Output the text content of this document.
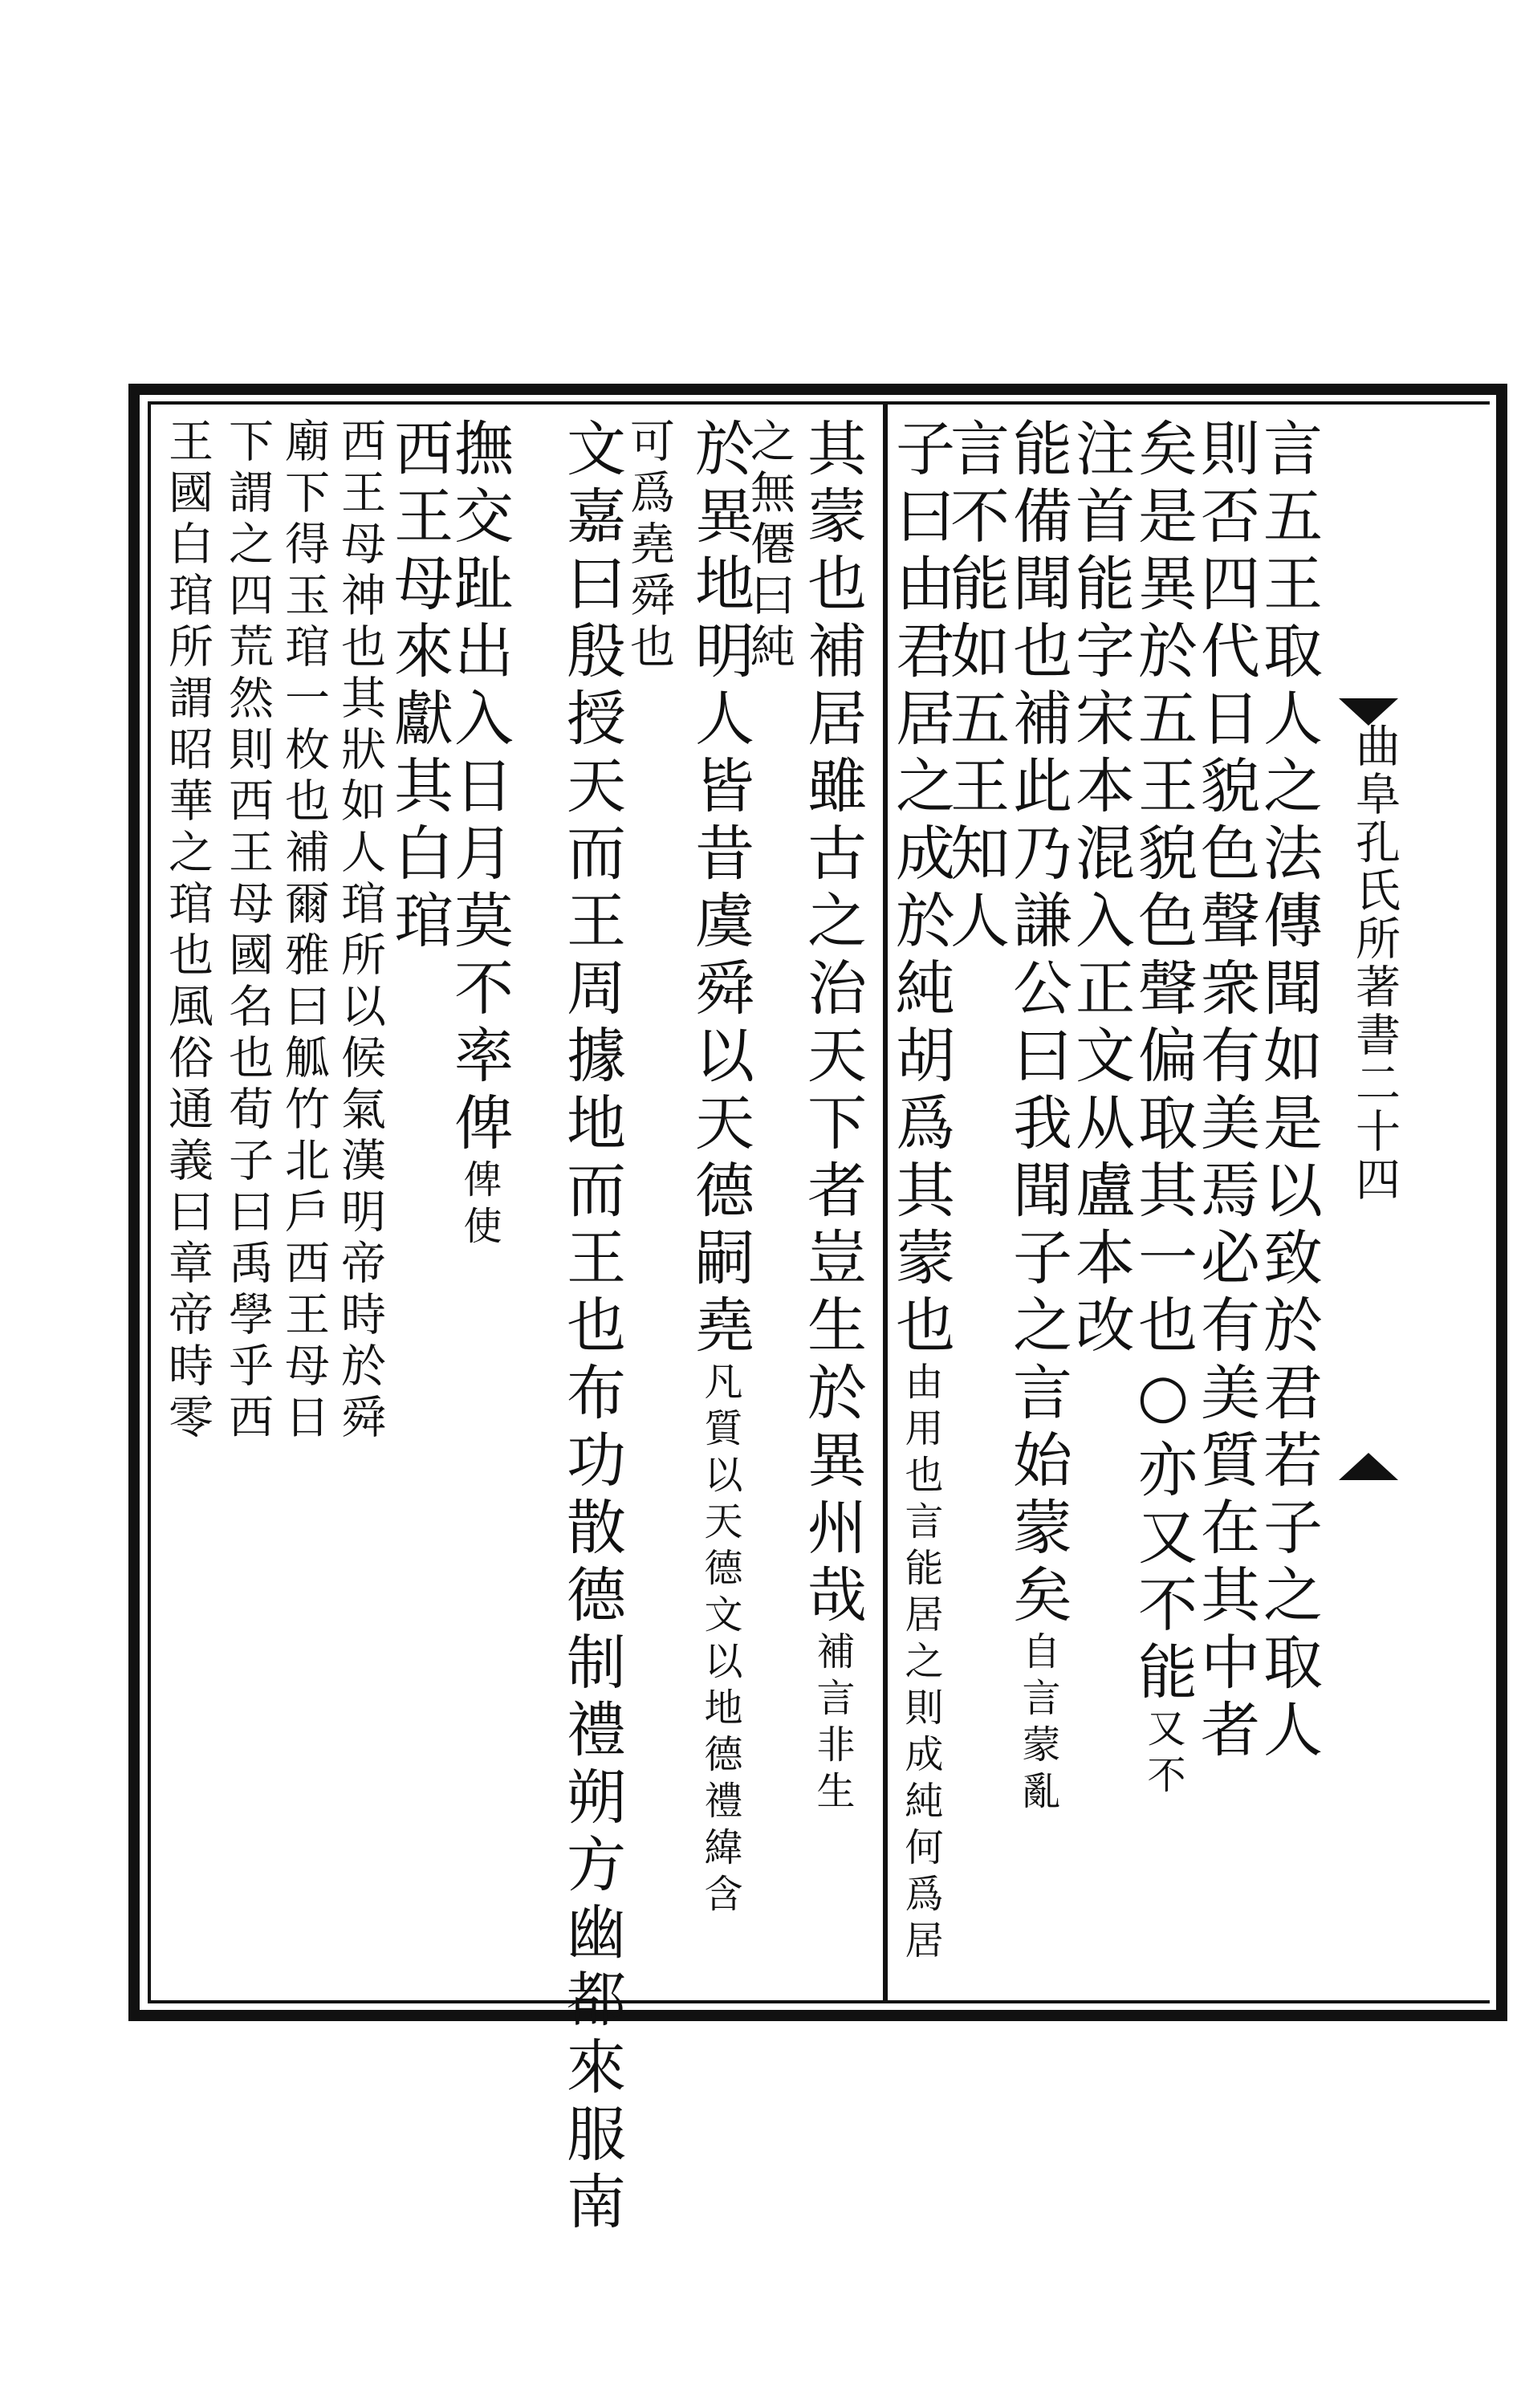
曲阜孔氏所著書二十四
言五王取人之法傳聞如是以致於君若子之取人
則否四代日貌色聲衆有美焉必有美質在其中者
矣是異於五王貌色聲偏取其一也○亦又不能又不
注首能字宋本混入正文从盧本改
能備聞也補此乃謙公曰我聞子之言始蒙矣自言蒙亂
言不能如五王知人
子曰由君居之成於純胡爲其蒙也由用也言能居之則成純何爲居
其蒙也補居雖古之治天下者豈生於異州哉補言非生
之無僊曰純
於異地明人皆昔虞舜以天德嗣堯凡質以天德文以地德禮緯含
可爲堯舜也
文嘉曰殷授天而王周據地而王也布功散德制禮朔方幽都來服南
撫交趾出入日月莫不率俾俾使
西王母來獻其白琯
西王母神也其狀如人琯所以候氣漢明帝時於舜
廟下得玉琯一枚也補爾雅曰觚竹北戶西王母日
下謂之四荒然則西王母國名也荀子曰禹學乎西
王國白琯所謂昭華之琯也風俗通義曰章帝時零
